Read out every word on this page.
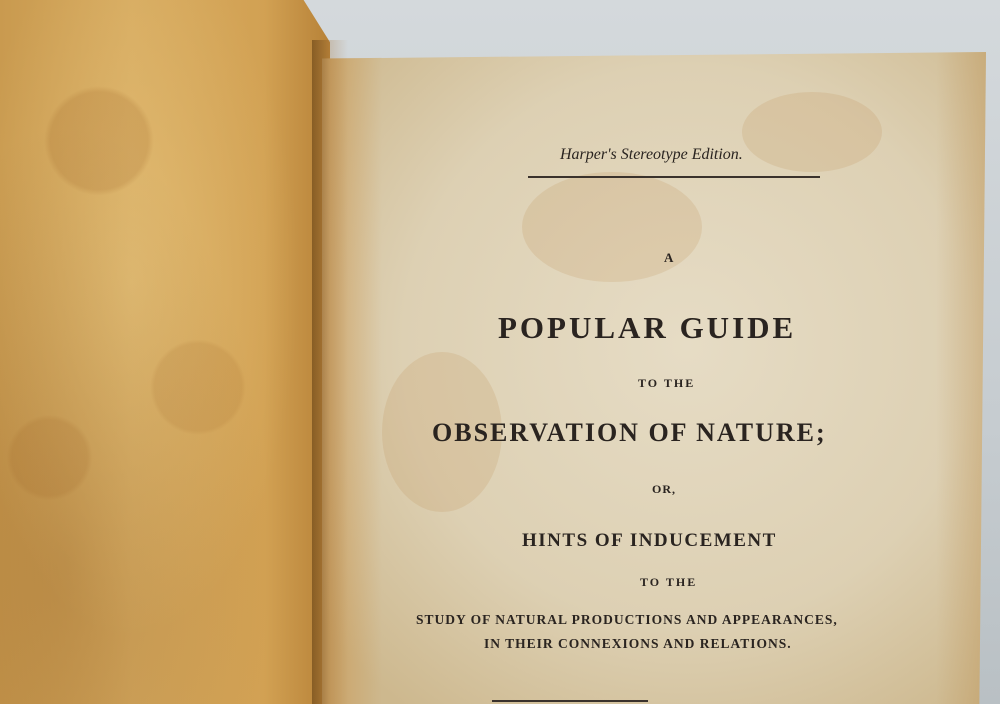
Harper's Stereotype Edition.
A
POPULAR GUIDE
TO THE
OBSERVATION OF NATURE;
OR,
HINTS OF INDUCEMENT
TO THE
STUDY OF NATURAL PRODUCTIONS AND APPEARANCES,
IN THEIR CONNEXIONS AND RELATIONS.
